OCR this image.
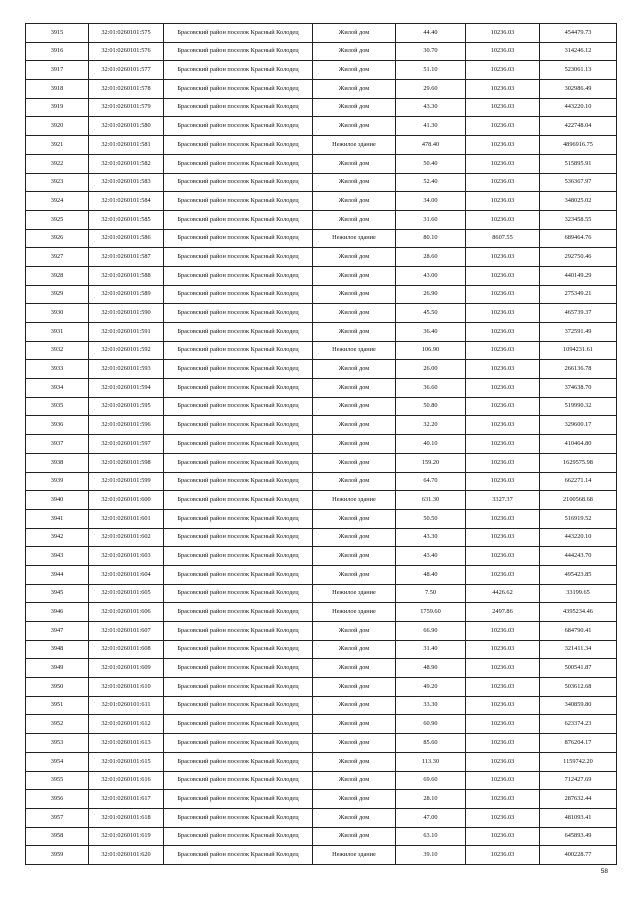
3915	32:01:0260101:575	Брасовский район поселок Красный Колодец	Жилой дом	44.40	10236.03	454479.73
3916	32:01:0260101:576	Брасовский район поселок Красный Колодец	Жилой дом	30.70	10236.03	314246.12
3917	32:01:0260101:577	Брасовский район поселок Красный Колодец	Жилой дом	51.10	10236.03	523061.13
3918	32:01:0260101:578	Брасовский район поселок Красный Колодец	Жилой дом	29.60	10236.03	302986.49
3919	32:01:0260101:579	Брасовский район поселок Красный Колодец	Жилой дом	43.30	10236.03	443220.10
3920	32:01:0260101:580	Брасовский район поселок Красный Колодец	Жилой дом	41.30	10236.03	422748.04
3921	32:01:0260101:581	Брасовский район поселок Красный Колодец	Нежилое здание	478.40	10236.03	4896916.75
3922	32:01:0260101:582	Брасовский район поселок Красный Колодец	Жилой дом	50.40	10236.03	515895.91
3923	32:01:0260101:583	Брасовский район поселок Красный Колодец	Жилой дом	52.40	10236.03	536367.97
3924	32:01:0260101:584	Брасовский район поселок Красный Колодец	Жилой дом	34.00	10236.03	348025.02
3925	32:01:0260101:585	Брасовский район поселок Красный Колодец	Жилой дом	31.60	10236.03	323458.55
3926	32:01:0260101:586	Брасовский район поселок Красный Колодец	Нежилое здание	80.10	8607.55	689464.76
3927	32:01:0260101:587	Брасовский район поселок Красный Колодец	Жилой дом	28.60	10236.03	292750.46
3928	32:01:0260101:588	Брасовский район поселок Красный Колодец	Жилой дом	43.00	10236.03	440149.29
3929	32:01:0260101:589	Брасовский район поселок Красный Колодец	Жилой дом	26.90	10236.03	275349.21
3930	32:01:0260101:590	Брасовский район поселок Красный Колодец	Жилой дом	45.50	10236.03	465739.37
3931	32:01:0260101:591	Брасовский район поселок Красный Колодец	Жилой дом	36.40	10236.03	372591.49
3932	32:01:0260101:592	Брасовский район поселок Красный Колодец	Нежилое здание	106.90	10236.03	1094231.61
3933	32:01:0260101:593	Брасовский район поселок Красный Колодец	Жилой дом	26.00	10236.03	266136.78
3934	32:01:0260101:594	Брасовский район поселок Красный Колодец	Жилой дом	36.60	10236.03	374638.70
3935	32:01:0260101:595	Брасовский район поселок Красный Колодец	Жилой дом	50.80	10236.03	519990.32
3936	32:01:0260101:596	Брасовский район поселок Красный Колодец	Жилой дом	32.20	10236.03	329600.17
3937	32:01:0260101:597	Брасовский район поселок Красный Колодец	Жилой дом	40.10	10236.03	410464.80
3938	32:01:0260101:598	Брасовский район поселок Красный Колодец	Жилой дом	159.20	10236.03	1629575.98
3939	32:01:0260101:599	Брасовский район поселок Красный Колодец	Жилой дом	64.70	10236.03	662271.14
3940	32:01:0260101:600	Брасовский район поселок Красный Колодец	Нежилое здание	631.30	3327.37	2100568.68
3941	32:01:0260101:601	Брасовский район поселок Красный Колодец	Жилой дом	50.50	10236.03	516919.52
3942	32:01:0260101:602	Брасовский район поселок Красный Колодец	Жилой дом	43.30	10236.03	443220.10
3943	32:01:0260101:603	Брасовский район поселок Красный Колодец	Жилой дом	43.40	10236.03	444243.70
3944	32:01:0260101:604	Брасовский район поселок Красный Колодец	Жилой дом	48.40	10236.03	495423.85
3945	32:01:0260101:605	Брасовский район поселок Красный Колодец	Нежилое здание	7.50	4426.62	33199.65
3946	32:01:0260101:606	Брасовский район поселок Красный Колодец	Нежилое здание	1759.60	2497.86	4395234.46
3947	32:01:0260101:607	Брасовский район поселок Красный Колодец	Жилой дом	66.90	10236.03	684790.41
3948	32:01:0260101:608	Брасовский район поселок Красный Колодец	Жилой дом	31.40	10236.03	321411.34
3949	32:01:0260101:609	Брасовский район поселок Красный Колодец	Жилой дом	48.90	10236.03	500541.87
3950	32:01:0260101:610	Брасовский район поселок Красный Колодец	Жилой дом	49.20	10236.03	503612.68
3951	32:01:0260101:611	Брасовский район поселок Красный Колодец	Жилой дом	33.30	10236.03	340859.80
3952	32:01:0260101:612	Брасовский район поселок Красный Колодец	Жилой дом	60.90	10236.03	623374.23
3953	32:01:0260101:613	Брасовский район поселок Красный Колодец	Жилой дом	85.60	10236.03	876204.17
3954	32:01:0260101:615	Брасовский район поселок Красный Колодец	Жилой дом	113.30	10236.03	1159742.20
3955	32:01:0260101:616	Брасовский район поселок Красный Колодец	Жилой дом	69.60	10236.03	712427.69
3956	32:01:0260101:617	Брасовский район поселок Красный Колодец	Жилой дом	28.10	10236.03	287632.44
3957	32:01:0260101:618	Брасовский район поселок Красный Колодец	Жилой дом	47.00	10236.03	481093.41
3958	32:01:0260101:619	Брасовский район поселок Красный Колодец	Жилой дом	63.10	10236.03	645893.49
3959	32:01:0260101:620	Брасовский район поселок Красный Колодец	Нежилое здание	39.10	10236.03	400228.77
58
